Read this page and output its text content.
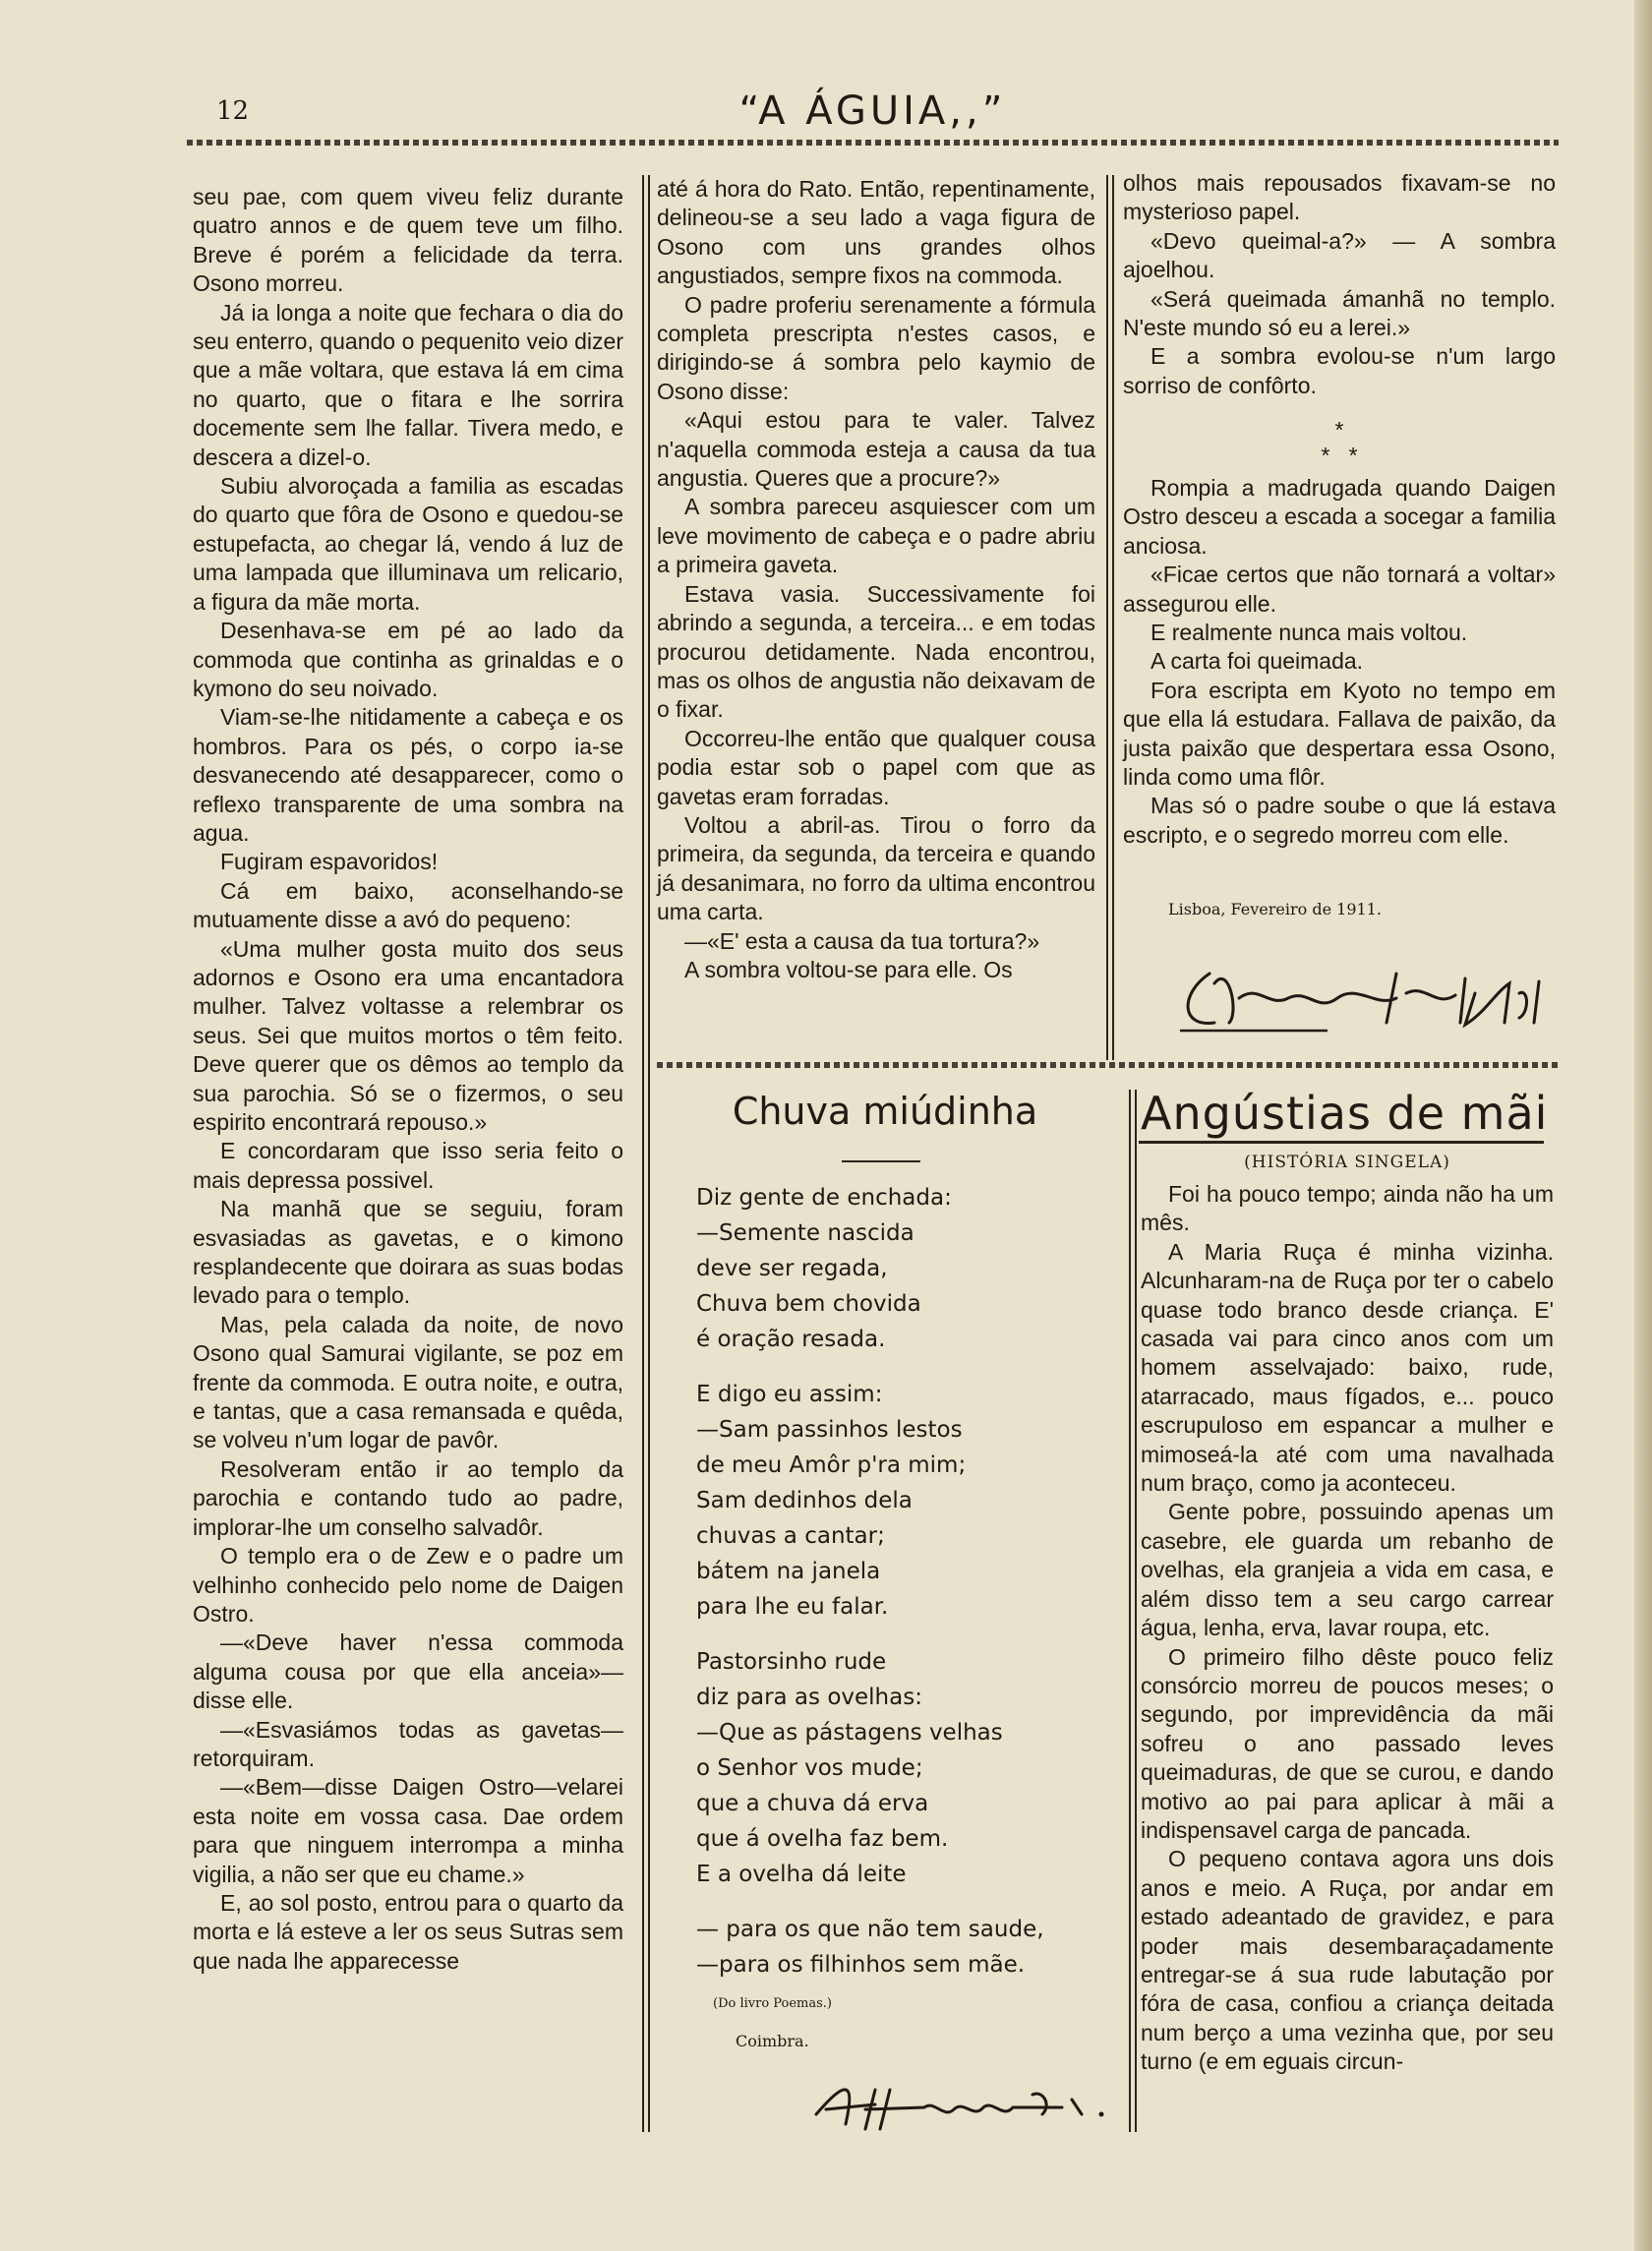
12	“A ÁGUIA,,”

seu pae, com quem viveu feliz durante quatro annos e de quem teve um filho. Breve é porém a felicidade da terra. Osono morreu.

Já ia longa a noite que fechara o dia do seu enterro, quando o pequenito veio dizer que a mãe voltara, que estava lá em cima no quarto, que o fitara e lhe sorrira docemente sem lhe fallar. Tivera medo, e descera a dizel-o.

Subiu alvoroçada a familia as escadas do quarto que fôra de Osono e quedou-se estupefacta, ao chegar lá, vendo á luz de uma lampada que illuminava um relicario, a figura da mãe morta.

Desenhava-se em pé ao lado da commoda que continha as grinaldas e o kymono do seu noivado.

Viam-se-lhe nitidamente a cabeça e os hombros. Para os pés, o corpo ia-se desvanecendo até desapparecer, como o reflexo transparente de uma sombra na agua.

Fugiram espavoridos!

Cá em baixo, aconselhando-se mutuamente disse a avó do pequeno:

«Uma mulher gosta muito dos seus adornos e Osono era uma encantadora mulher. Talvez voltasse a relembrar os seus. Sei que muitos mortos o têm feito. Deve querer que os dêmos ao templo da sua parochia. Só se o fizermos, o seu espirito encontrará repouso.»

E concordaram que isso seria feito o mais depressa possivel.

Na manhã que se seguiu, foram esvasiadas as gavetas, e o kimono resplandecente que doirara as suas bodas levado para o templo.

Mas, pela calada da noite, de novo Osono qual Samurai vigilante, se poz em frente da commoda. E outra noite, e outra, e tantas, que a casa remansada e quêda, se volveu n'um logar de pavôr.

Resolveram então ir ao templo da parochia e contando tudo ao padre, implorar-lhe um conselho salvadôr.

O templo era o de Zew e o padre um velhinho conhecido pelo nome de Daigen Ostro.

—«Deve haver n'essa commoda alguma cousa por que ella anceia»— disse elle.

—«Esvasiámos todas as gavetas— retorquiram.

—«Bem—disse Daigen Ostro—velarei esta noite em vossa casa. Dae ordem para que ninguem interrompa a minha vigilia, a não ser que eu chame.»

E, ao sol posto, entrou para o quarto da morta e lá esteve a ler os seus Sutras sem que nada lhe apparecesse

até á hora do Rato. Então, repentinamente, delineou-se a seu lado a vaga figura de Osono com uns grandes olhos angustiados, sempre fixos na commoda.

O padre proferiu serenamente a fórmula completa prescripta n'estes casos, e dirigindo-se á sombra pelo kaymio de Osono disse:

«Aqui estou para te valer. Talvez n'aquella commoda esteja a causa da tua angustia. Queres que a procure?»

A sombra pareceu asquiescer com um leve movimento de cabeça e o padre abriu a primeira gaveta.

Estava vasia. Successivamente foi abrindo a segunda, a terceira... e em todas procurou detidamente. Nada encontrou, mas os olhos de angustia não deixavam de o fixar.

Occorreu-lhe então que qualquer cousa podia estar sob o papel com que as gavetas eram forradas.

Voltou a abril-as. Tirou o forro da primeira, da segunda, da terceira e quando já desanimara, no forro da ultima encontrou uma carta.

—«E' esta a causa da tua tortura?»

A sombra voltou-se para elle. Os

olhos mais repousados fixavam-se no mysterioso papel.

«Devo queimal-a?» — A sombra ajoelhou.

«Será queimada ámanhã no templo. N'este mundo só eu a lerei.»

E a sombra evolou-se n'um largo sorriso de confôrto.

*
*   *

Rompia a madrugada quando Daigen Ostro desceu a escada a socegar a familia anciosa.

«Ficae certos que não tornará a voltar» assegurou elle.

E realmente nunca mais voltou.

A carta foi queimada.

Fora escripta em Kyoto no tempo em que ella lá estudara. Fallava de paixão, da justa paixão que despertara essa Osono, linda como uma flôr.

Mas só o padre soube o que lá estava escripto, e o segredo morreu com elle.

Lisboa, Fevereiro de 1911.
Chuva miúdinha
Diz gente de enchada:
—Semente nascida
deve ser regada,
Chuva bem chovida
é oração resada.
E digo eu assim:
—Sam passinhos lestos
de meu Amôr p'ra mim;
Sam dedinhos dela
chuvas a cantar;
bátem na janela
para lhe eu falar.
Pastorsinho rude
diz para as ovelhas:
—Que as pástagens velhas
o Senhor vos mude;
que a chuva dá erva
que á ovelha faz bem.
E a ovelha dá leite
— para os que não tem saude,
—para os filhinhos sem mãe.
(Do livro Poemas.)
Coimbra.
Angústias de mãi
(HISTÓRIA SINGELA)

Foi ha pouco tempo; ainda não ha um mês.

A Maria Ruça é minha vizinha. Alcunharam-na de Ruça por ter o cabelo quase todo branco desde criança. E' casada vai para cinco anos com um homem asselvajado: baixo, rude, atarracado, maus fígados, e... pouco escrupuloso em espancar a mulher e mimoseá-la até com uma navalhada num braço, como ja aconteceu.

Gente pobre, possuindo apenas um casebre, ele guarda um rebanho de ovelhas, ela granjeia a vida em casa, e além disso tem a seu cargo carrear água, lenha, erva, lavar roupa, etc.

O primeiro filho dêste pouco feliz consórcio morreu de poucos meses; o segundo, por imprevidência da mãi sofreu o ano passado leves queimaduras, de que se curou, e dando motivo ao pai para aplicar à mãi a indispensavel carga de pancada.

O pequeno contava agora uns dois anos e meio. A Ruça, por andar em estado adeantado de gravidez, e para poder mais desembaraçadamente entregar-se á sua rude labutação por fóra de casa, confiou a criança deitada num berço a uma vezinha que, por seu turno (e em eguais circun-
